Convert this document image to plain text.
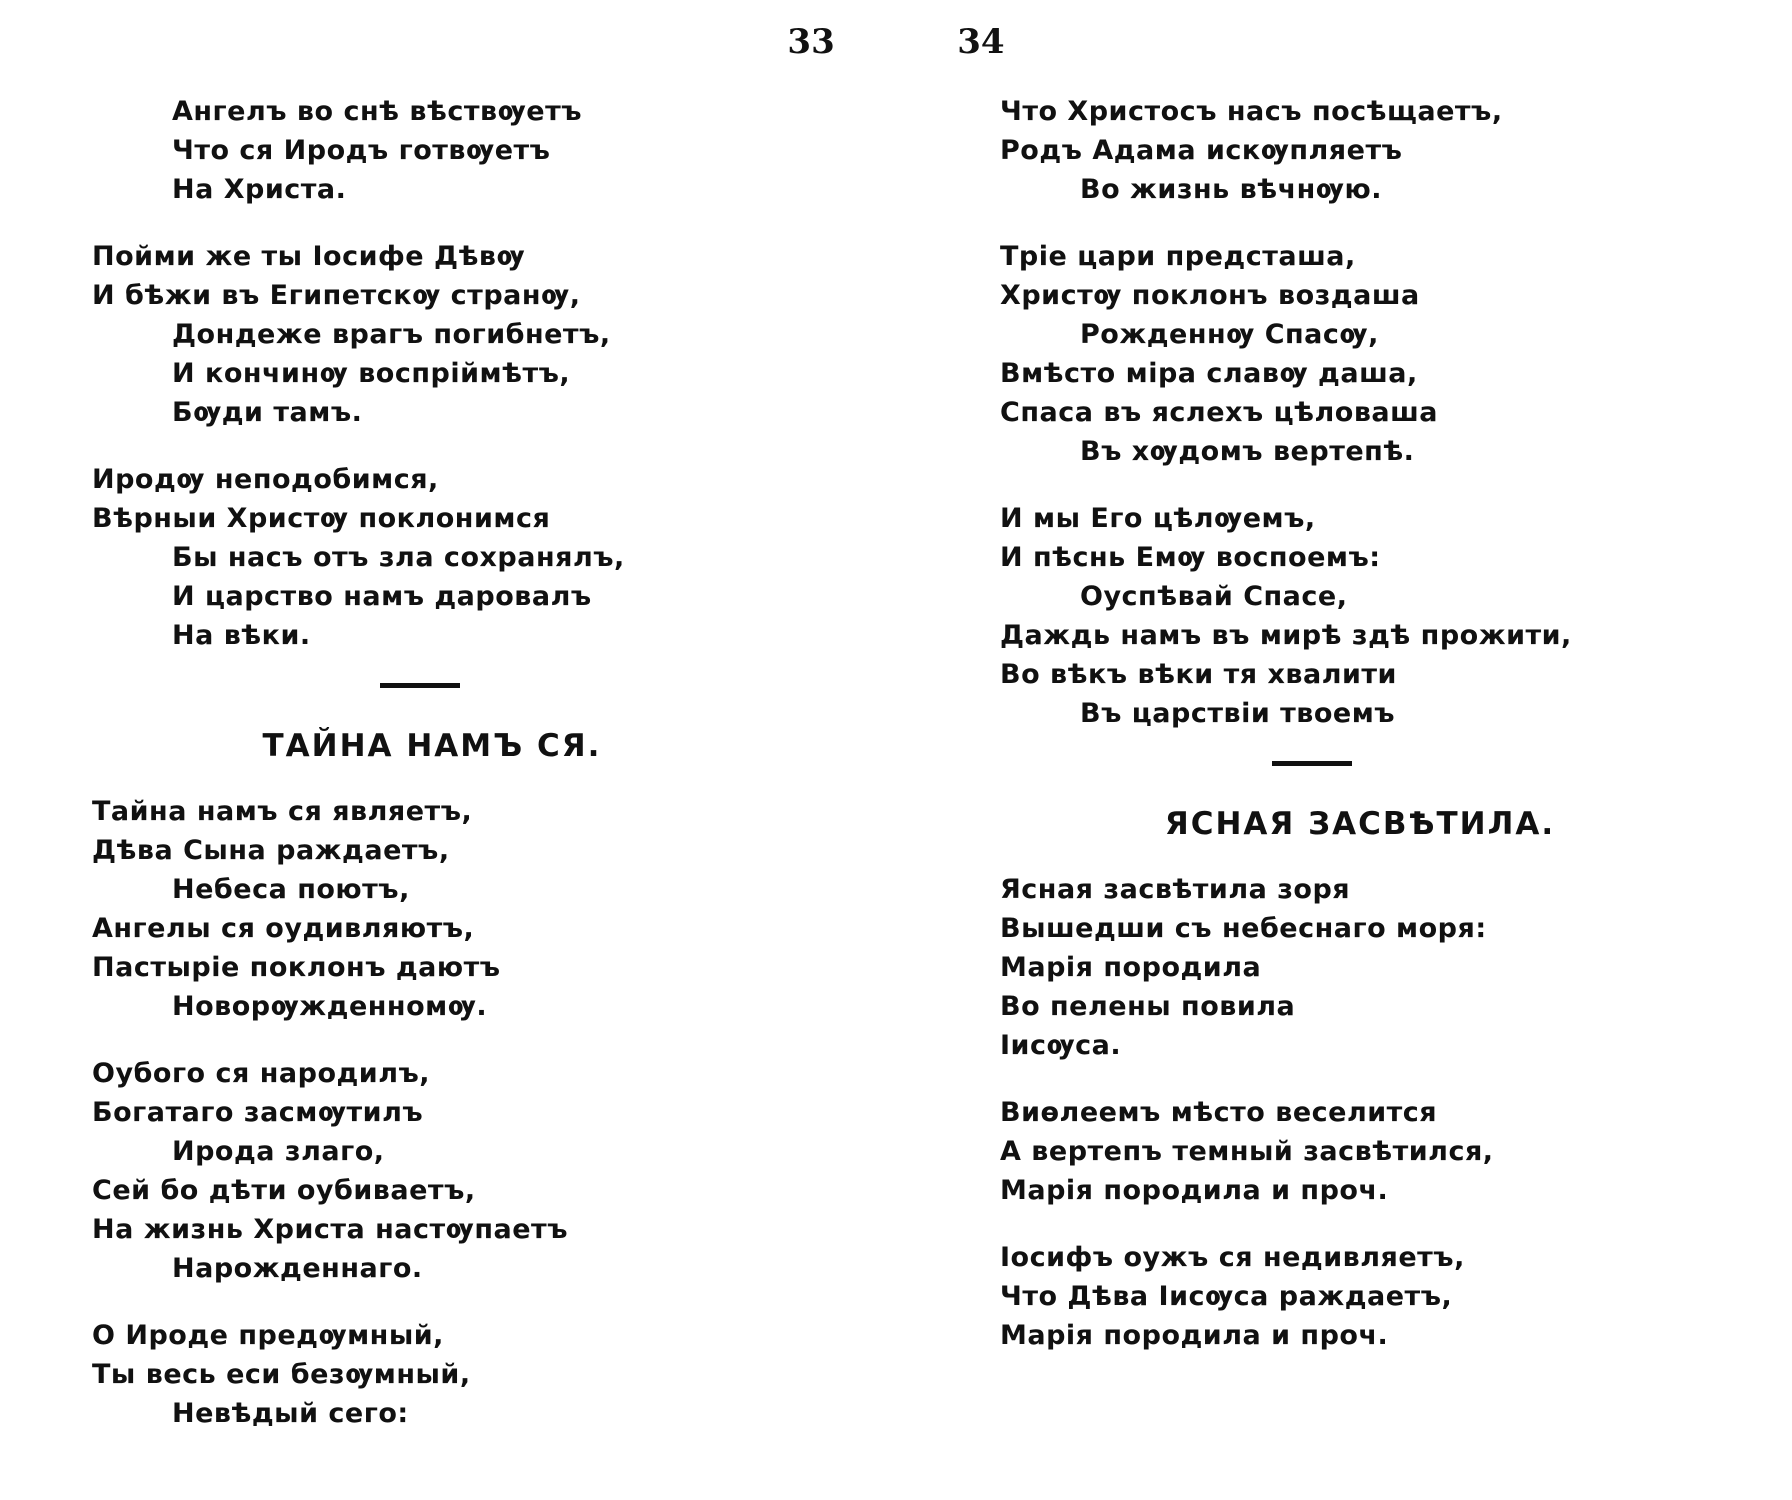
33	34
Ангелъ во снѣ вѣствѹетъ
Что ся Иродъ готвѹетъ
На Христа.
Пойми же ты Іосифе Дѣвѹ
И бѣжи въ Египетскѹ странѹ,
Дондеже врагъ погибнетъ,
И кончинѹ воспріймѣтъ,
Бѹди тамъ.
Иродѹ неподобимся,
Вѣрныи Христѹ поклонимся
Бы насъ отъ зла сохранялъ,
И царство намъ даровалъ
На вѣки.
ТАЙНА НАМЪ СЯ.
Тайна намъ ся являетъ,
Дѣва Сына раждаетъ,
Небеса поютъ,
Ангелы ся оудивляютъ,
Пастыріе поклонъ даютъ
Новорѹжденномѹ.
Оубого ся народилъ,
Богатаго засмѹтилъ
Ирода злаго,
Сей бо дѣти оубиваетъ,
На жизнь Христа настѹпаетъ
Нарожденнаго.
О Ироде предѹмный,
Ты весь еси безѹмный,
Невѣдый сего:
Что Христосъ насъ посѣщаетъ,
Родъ Адама искѹпляетъ
Во жизнь вѣчнѹю.
Тріе цари предсташа,
Христѹ поклонъ воздаша
Рожденнѹ Спасѹ,
Вмѣсто міра славѹ даша,
Спаса въ яслехъ цѣловаша
Въ хѹдомъ вертепѣ.
И мы Его цѣлѹемъ,
И пѣснь Емѹ воспоемъ:
Оуспѣвай Спасе,
Даждь намъ въ мирѣ здѣ прожити,
Во вѣкъ вѣки тя хвалити
Въ царствіи твоемъ
ЯСНАЯ ЗАСВѢТИЛА.
Ясная засвѣтила зоря
Вышедши съ небеснаго моря:
Марія породила
Во пелены повила
Іисѹса.
Виѳлеемъ мѣсто веселится
А вертепъ темный засвѣтился,
Марія породила и проч.
Іосифъ оужъ ся недивляетъ,
Что Дѣва Іисѹса раждаетъ,
Марія породила и проч.
